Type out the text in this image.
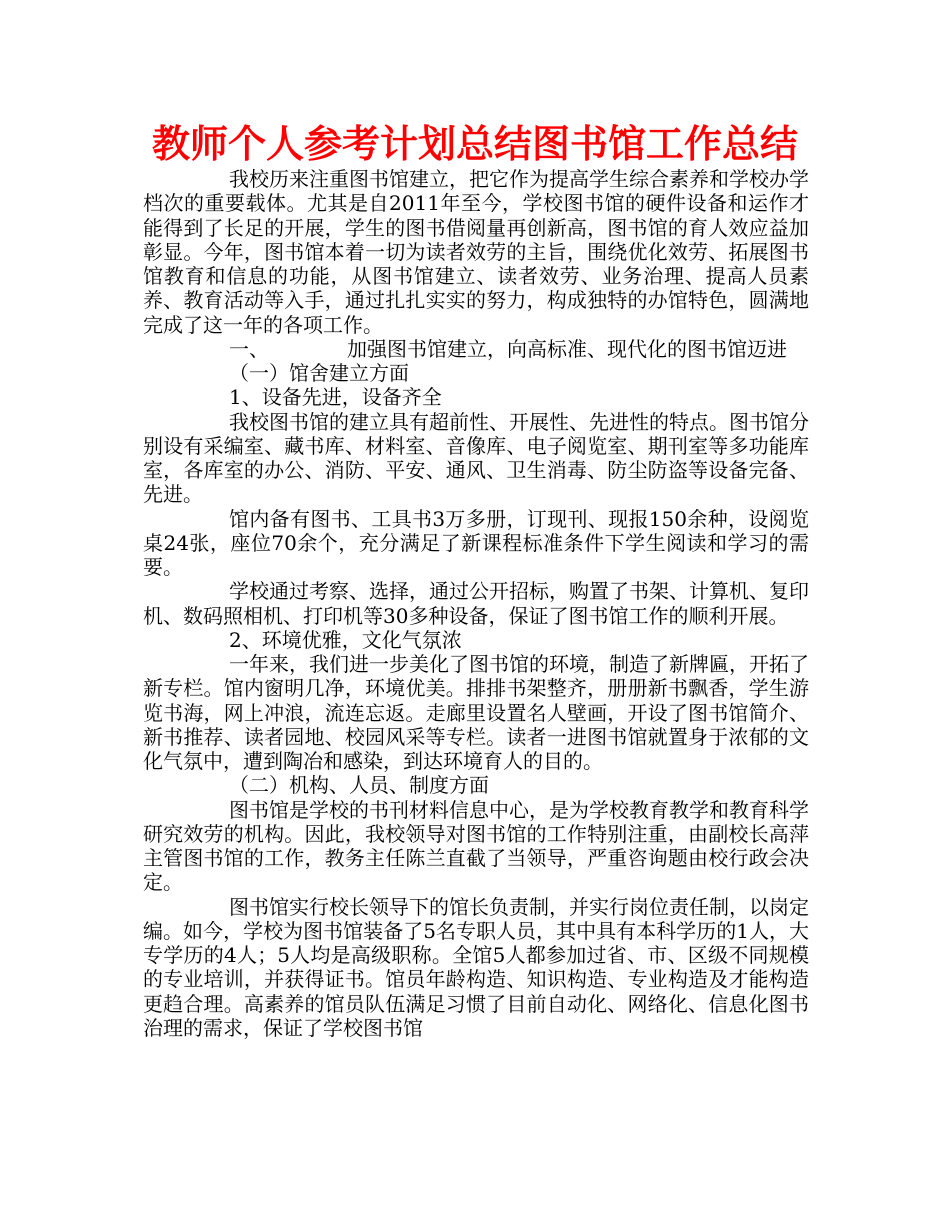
教师个人参考计划总结图书馆工作总结

我校历来注重图书馆建立，把它作为提高学生综合素养和学校办学档次的重要载体。尤其是自2011年至今，学校图书馆的硬件设备和运作才能得到了长足的开展，学生的图书借阅量再创新高，图书馆的育人效应益加彰显。今年，图书馆本着一切为读者效劳的主旨，围绕优化效劳、拓展图书馆教育和信息的功能，从图书馆建立、读者效劳、业务治理、提高人员素养、教育活动等入手，通过扎扎实实的努力，构成独特的办馆特色，圆满地完成了这一年的各项工作。

一、	加强图书馆建立，向高标准、现代化的图书馆迈进

（一）馆舍建立方面

1、设备先进，设备齐全

我校图书馆的建立具有超前性、开展性、先进性的特点。图书馆分别设有采编室、藏书库、材料室、音像库、电子阅览室、期刊室等多功能库室，各库室的办公、消防、平安、通风、卫生消毒、防尘防盗等设备完备、先进。

馆内备有图书、工具书3万多册，订现刊、现报150余种，设阅览桌24张，座位70余个，充分满足了新课程标准条件下学生阅读和学习的需要。

学校通过考察、选择，通过公开招标，购置了书架、计算机、复印机、数码照相机、打印机等30多种设备，保证了图书馆工作的顺利开展。

2、环境优雅，文化气氛浓

一年来，我们进一步美化了图书馆的环境，制造了新牌匾，开拓了新专栏。馆内窗明几净，环境优美。排排书架整齐，册册新书飘香，学生游览书海，网上冲浪，流连忘返。走廊里设置名人壁画，开设了图书馆简介、新书推荐、读者园地、校园风采等专栏。读者一进图书馆就置身于浓郁的文化气氛中，遭到陶冶和感染，到达环境育人的目的。

（二）机构、人员、制度方面

图书馆是学校的书刊材料信息中心，是为学校教育教学和教育科学研究效劳的机构。因此，我校领导对图书馆的工作特别注重，由副校长高萍主管图书馆的工作，教务主任陈兰直截了当领导，严重咨询题由校行政会决定。

图书馆实行校长领导下的馆长负责制，并实行岗位责任制，以岗定编。如今，学校为图书馆装备了5名专职人员，其中具有本科学历的1人，大专学历的4人；5人均是高级职称。全馆5人都参加过省、市、区级不同规模的专业培训，并获得证书。馆员年龄构造、知识构造、专业构造及才能构造更趋合理。高素养的馆员队伍满足习惯了目前自动化、网络化、信息化图书治理的需求，保证了学校图书馆
